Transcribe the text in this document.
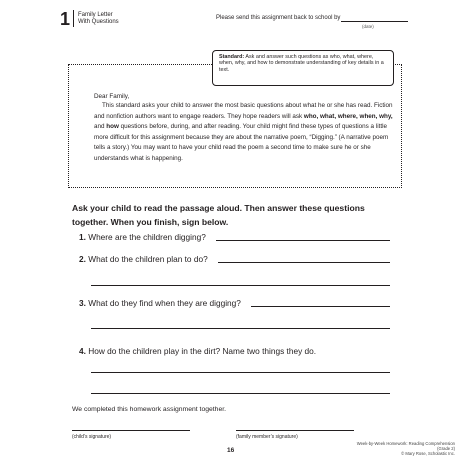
1 Family Letter
With Questions
Please send this assignment back to school by
(date)
Standard: Ask and answer such questions as who, what, where, when, why, and how to demonstrate understanding of key details in a text.
Dear Family,
This standard asks your child to answer the most basic questions about what he or she has read. Fiction and nonfiction authors want to engage readers. They hope readers will ask who, what, where, when, why, and how questions before, during, and after reading. Your child might find these types of questions a little more difficult for this assignment because they are about the narrative poem, “Digging.” (A narrative poem tells a story.) You may want to have your child read the poem a second time to make sure he or she understands what is happening.
Ask your child to read the passage aloud. Then answer these questions together. When you finish, sign below.
1. Where are the children digging?
2. What do the children plan to do?
3. What do they find when they are digging?
4. How do the children play in the dirt? Name two things they do.
We completed this homework assignment together.
(child’s signature)	(family member’s signature)
16
Week-by-Week Homework: Reading Comprehension (Grade 2)
© Mary Rose, Scholastic Inc.
